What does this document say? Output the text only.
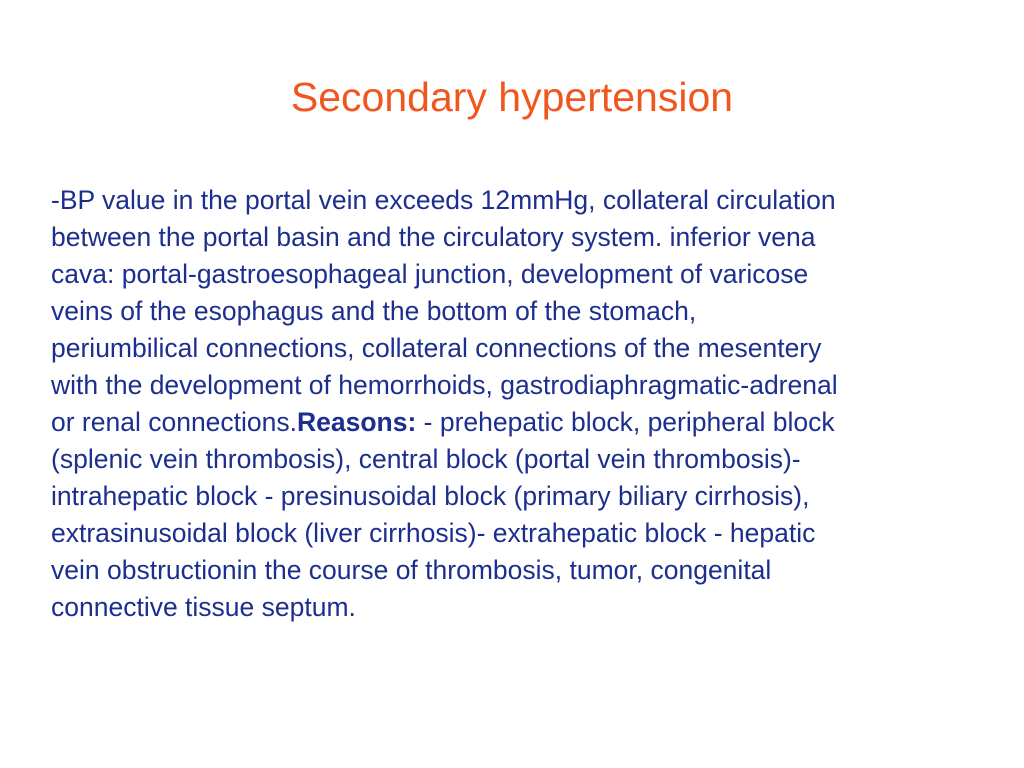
Secondary hypertension
-BP value in the portal vein exceeds 12mmHg, collateral circulation
between the portal basin and the circulatory system. inferior vena
cava: portal-gastroesophageal junction, development of varicose
veins of the esophagus and the bottom of the stomach,
periumbilical connections, collateral connections of the mesentery
with the development of hemorrhoids, gastrodiaphragmatic-adrenal
or renal connections.Reasons: - prehepatic block, peripheral block
(splenic vein thrombosis), central block (portal vein thrombosis)-
intrahepatic block - presinusoidal block (primary biliary cirrhosis),
extrasinusoidal block (liver cirrhosis)- extrahepatic block - hepatic
vein obstructionin the course of thrombosis, tumor, congenital
connective tissue septum.
